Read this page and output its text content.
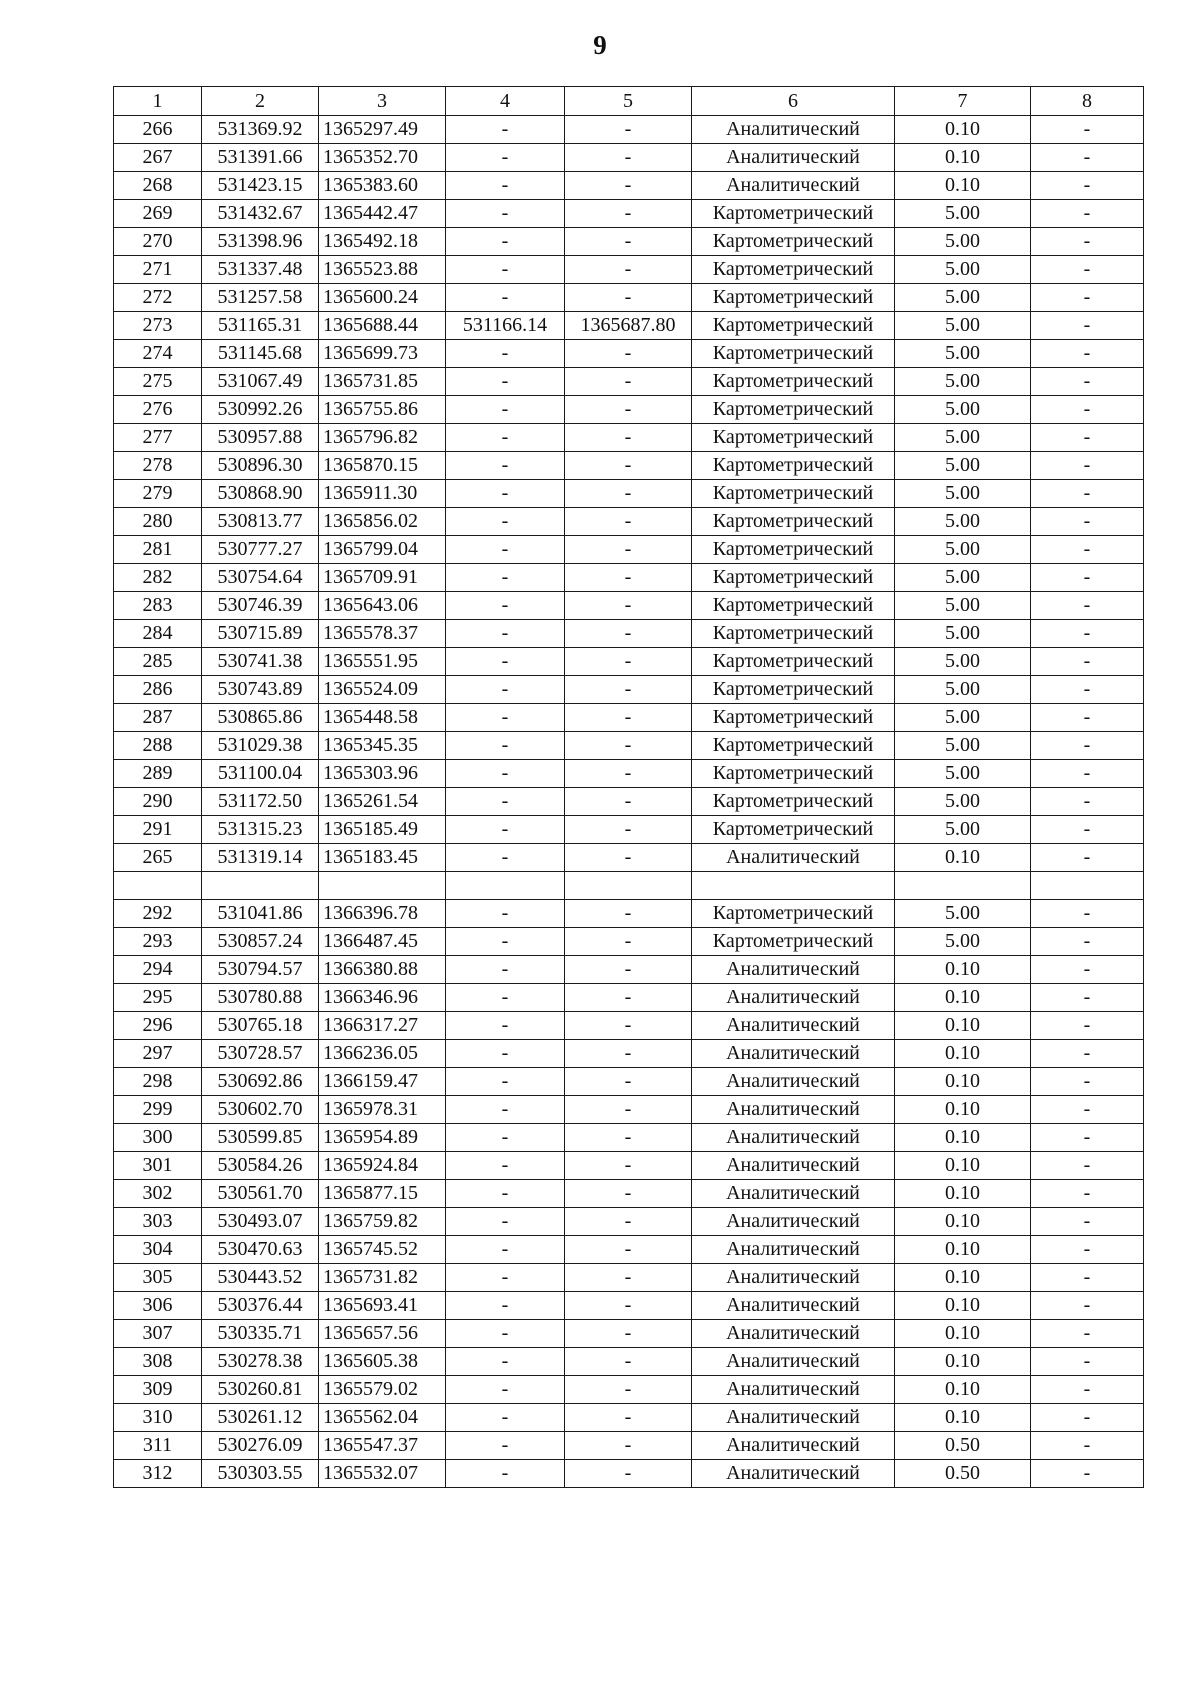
9
1	2	3	4	5	6	7	8
266	531369.92	1365297.49	-	-	Аналитический	0.10	-
267	531391.66	1365352.70	-	-	Аналитический	0.10	-
268	531423.15	1365383.60	-	-	Аналитический	0.10	-
269	531432.67	1365442.47	-	-	Картометрический	5.00	-
270	531398.96	1365492.18	-	-	Картометрический	5.00	-
271	531337.48	1365523.88	-	-	Картометрический	5.00	-
272	531257.58	1365600.24	-	-	Картометрический	5.00	-
273	531165.31	1365688.44	531166.14	1365687.80	Картометрический	5.00	-
274	531145.68	1365699.73	-	-	Картометрический	5.00	-
275	531067.49	1365731.85	-	-	Картометрический	5.00	-
276	530992.26	1365755.86	-	-	Картометрический	5.00	-
277	530957.88	1365796.82	-	-	Картометрический	5.00	-
278	530896.30	1365870.15	-	-	Картометрический	5.00	-
279	530868.90	1365911.30	-	-	Картометрический	5.00	-
280	530813.77	1365856.02	-	-	Картометрический	5.00	-
281	530777.27	1365799.04	-	-	Картометрический	5.00	-
282	530754.64	1365709.91	-	-	Картометрический	5.00	-
283	530746.39	1365643.06	-	-	Картометрический	5.00	-
284	530715.89	1365578.37	-	-	Картометрический	5.00	-
285	530741.38	1365551.95	-	-	Картометрический	5.00	-
286	530743.89	1365524.09	-	-	Картометрический	5.00	-
287	530865.86	1365448.58	-	-	Картометрический	5.00	-
288	531029.38	1365345.35	-	-	Картометрический	5.00	-
289	531100.04	1365303.96	-	-	Картометрический	5.00	-
290	531172.50	1365261.54	-	-	Картометрический	5.00	-
291	531315.23	1365185.49	-	-	Картометрический	5.00	-
265	531319.14	1365183.45	-	-	Аналитический	0.10	-

292	531041.86	1366396.78	-	-	Картометрический	5.00	-
293	530857.24	1366487.45	-	-	Картометрический	5.00	-
294	530794.57	1366380.88	-	-	Аналитический	0.10	-
295	530780.88	1366346.96	-	-	Аналитический	0.10	-
296	530765.18	1366317.27	-	-	Аналитический	0.10	-
297	530728.57	1366236.05	-	-	Аналитический	0.10	-
298	530692.86	1366159.47	-	-	Аналитический	0.10	-
299	530602.70	1365978.31	-	-	Аналитический	0.10	-
300	530599.85	1365954.89	-	-	Аналитический	0.10	-
301	530584.26	1365924.84	-	-	Аналитический	0.10	-
302	530561.70	1365877.15	-	-	Аналитический	0.10	-
303	530493.07	1365759.82	-	-	Аналитический	0.10	-
304	530470.63	1365745.52	-	-	Аналитический	0.10	-
305	530443.52	1365731.82	-	-	Аналитический	0.10	-
306	530376.44	1365693.41	-	-	Аналитический	0.10	-
307	530335.71	1365657.56	-	-	Аналитический	0.10	-
308	530278.38	1365605.38	-	-	Аналитический	0.10	-
309	530260.81	1365579.02	-	-	Аналитический	0.10	-
310	530261.12	1365562.04	-	-	Аналитический	0.10	-
311	530276.09	1365547.37	-	-	Аналитический	0.50	-
312	530303.55	1365532.07	-	-	Аналитический	0.50	-
